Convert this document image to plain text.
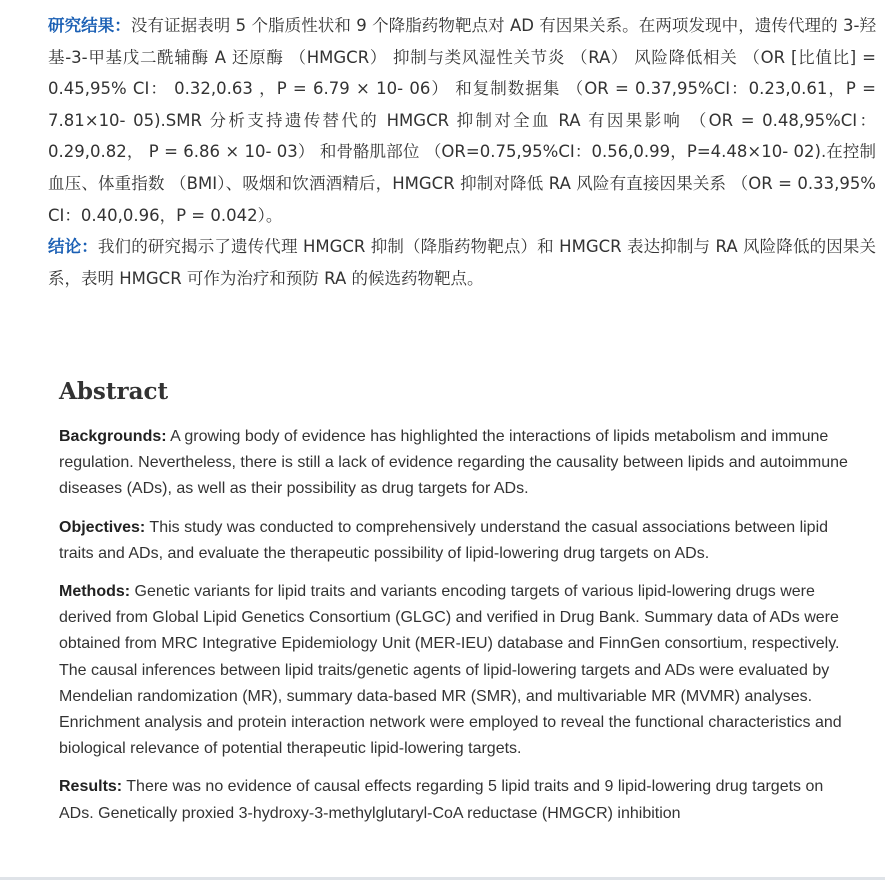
研究结果：没有证据表明 5 个脂质性状和 9 个降脂药物靶点对 AD 有因果关系。在两项发现中，遗传代理的 3-羟基-3-甲基戊二酰辅酶 A 还原酶 （HMGCR） 抑制与类风湿性关节炎 （RA） 风险降低相关 （OR [比值比] = 0.45,95% CI： 0.32,0.63 ，P = 6.79 × 10- 06） 和复制数据集 （OR = 0.37,95%CI：0.23,0.61，P = 7.81×10- 05).SMR 分析支持遗传替代的 HMGCR 抑制对全血 RA 有因果影响 （OR = 0.48,95%CI： 0.29,0.82， P = 6.86 × 10- 03） 和骨骼肌部位 （OR=0.75,95%CI：0.56,0.99，P=4.48×10- 02).在控制血压、体重指数 （BMI）、吸烟和饮酒酒精后，HMGCR 抑制对降低 RA 风险有直接因果关系 （OR = 0.33,95% CI：0.40,0.96，P = 0.042）。

结论：我们的研究揭示了遗传代理 HMGCR 抑制（降脂药物靶点）和 HMGCR 表达抑制与 RA 风险降低的因果关系，表明 HMGCR 可作为治疗和预防 RA 的候选药物靶点。

Abstract

Backgrounds: A growing body of evidence has highlighted the interactions of lipids metabolism and immune regulation. Nevertheless, there is still a lack of evidence regarding the causality between lipids and autoimmune diseases (ADs), as well as their possibility as drug targets for ADs.

Objectives: This study was conducted to comprehensively understand the casual associations between lipid traits and ADs, and evaluate the therapeutic possibility of lipid-lowering drug targets on ADs.

Methods: Genetic variants for lipid traits and variants encoding targets of various lipid-lowering drugs were derived from Global Lipid Genetics Consortium (GLGC) and verified in Drug Bank. Summary data of ADs were obtained from MRC Integrative Epidemiology Unit (MER-IEU) database and FinnGen consortium, respectively. The causal inferences between lipid traits/genetic agents of lipid-lowering targets and ADs were evaluated by Mendelian randomization (MR), summary data-based MR (SMR), and multivariable MR (MVMR) analyses. Enrichment analysis and protein interaction network were employed to reveal the functional characteristics and biological relevance of potential therapeutic lipid-lowering targets.

Results: There was no evidence of causal effects regarding 5 lipid traits and 9 lipid-lowering drug targets on ADs. Genetically proxied 3-hydroxy-3-methylglutaryl-CoA reductase (HMGCR) inhibition
